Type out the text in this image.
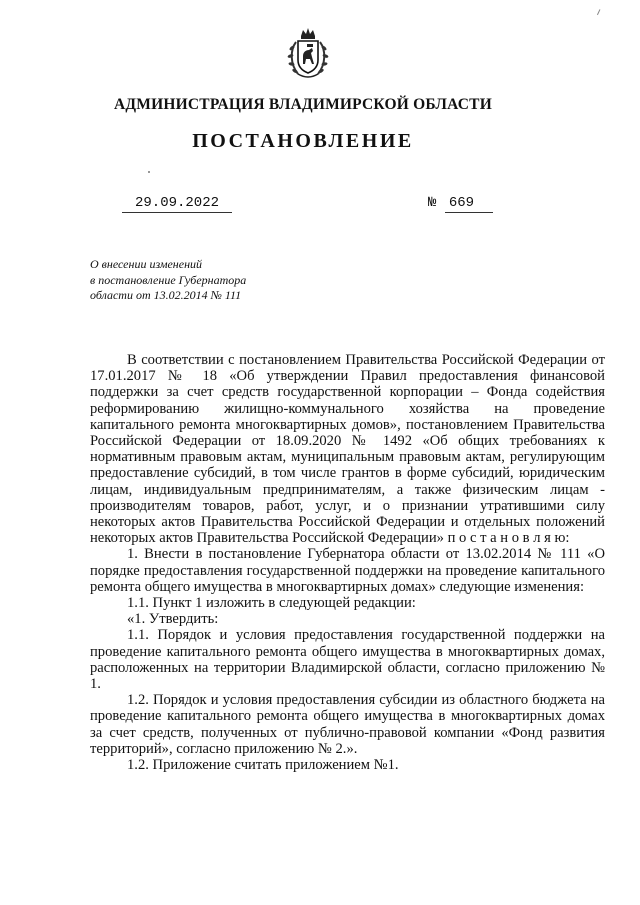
АДМИНИСТРАЦИЯ ВЛАДИМИРСКОЙ ОБЛАСТИ
ПОСТАНОВЛЕНИЕ
29.09.2022	№ 669
О внесении изменений
в постановление Губернатора
области от 13.02.2014 № 111

В соответствии с постановлением Правительства Российской Федерации от 17.01.2017 № 18 «Об утверждении Правил предоставления финансовой поддержки за счет средств государственной корпорации – Фонда содействия реформированию жилищно-коммунального хозяйства на проведение капитального ремонта многоквартирных домов», постановлением Правительства Российской Федерации от 18.09.2020 № 1492 «Об общих требованиях к нормативным правовым актам, муниципальным правовым актам, регулирующим предоставление субсидий, в том числе грантов в форме субсидий, юридическим лицам, индивидуальным предпринимателям, а также физическим лицам - производителям товаров, работ, услуг, и о признании утратившими силу некоторых актов Правительства Российской Федерации и отдельных положений некоторых актов Правительства Российской Федерации» п о с т а н о в л я ю:

1. Внести в постановление Губернатора области от 13.02.2014 № 111 «О порядке предоставления государственной поддержки на проведение капитального ремонта общего имущества в многоквартирных домах» следующие изменения:

1.1. Пункт 1 изложить в следующей редакции:

«1. Утвердить:

1.1. Порядок и условия предоставления государственной поддержки на проведение капитального ремонта общего имущества в многоквартирных домах, расположенных на территории Владимирской области, согласно приложению № 1.

1.2. Порядок и условия предоставления субсидии из областного бюджета на проведение капитального ремонта общего имущества в многоквартирных домах за счет средств, полученных от публично-правовой компании «Фонд развития территорий», согласно приложению № 2.».

1.2. Приложение считать приложением №1.
